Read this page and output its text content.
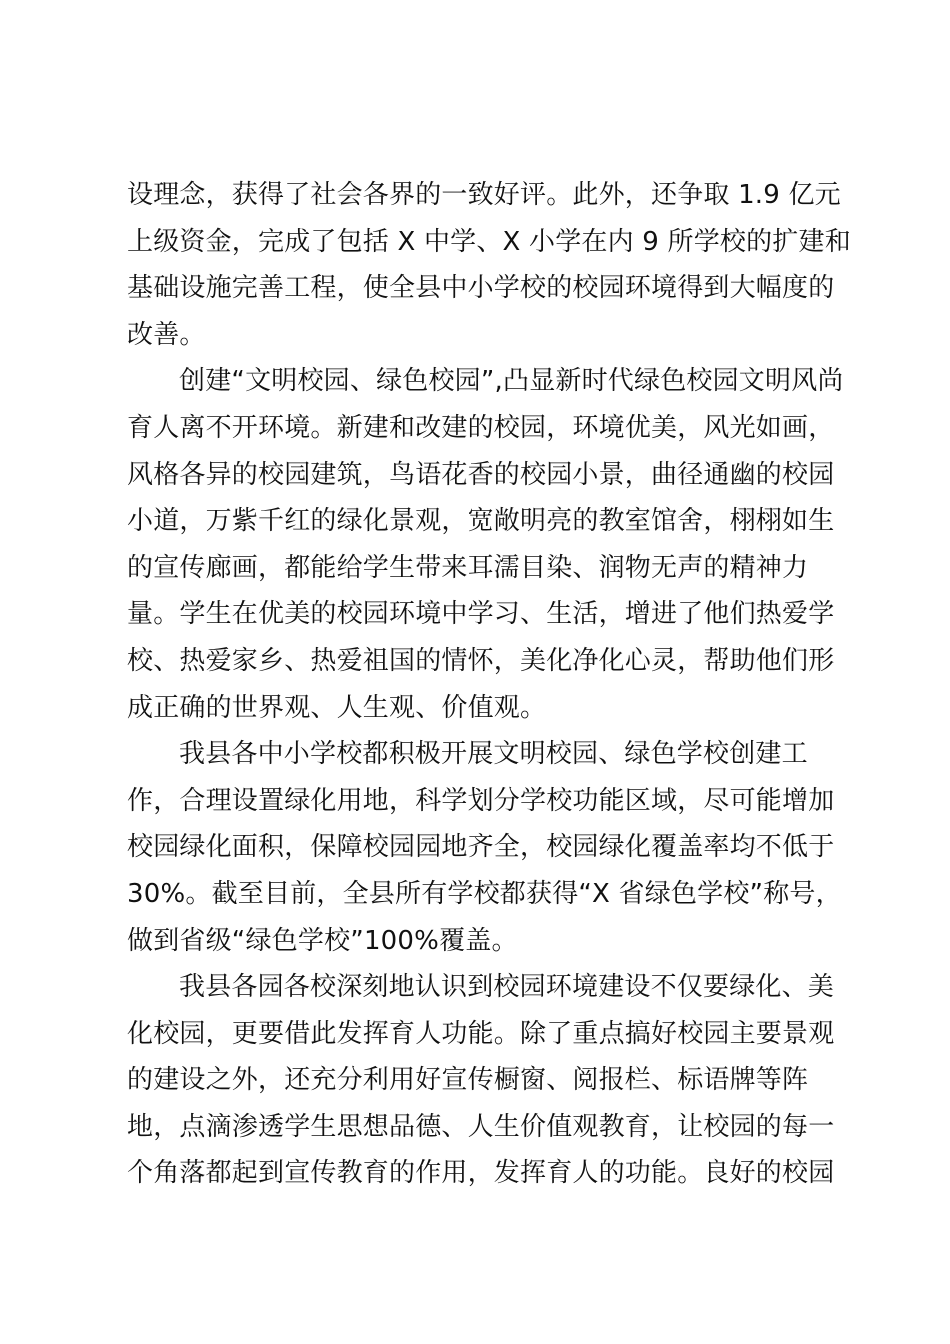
设理念，获得了社会各界的一致好评。此外，还争取 1.9 亿元
上级资金，完成了包括 X 中学、X 小学在内 9 所学校的扩建和
基础设施完善工程，使全县中小学校的校园环境得到大幅度的
改善。
创建“文明校园、绿色校园”,凸显新时代绿色校园文明风尚
育人离不开环境。新建和改建的校园，环境优美，风光如画，
风格各异的校园建筑，鸟语花香的校园小景，曲径通幽的校园
小道，万紫千红的绿化景观，宽敞明亮的教室馆舍，栩栩如生
的宣传廊画，都能给学生带来耳濡目染、润物无声的精神力
量。学生在优美的校园环境中学习、生活，增进了他们热爱学
校、热爱家乡、热爱祖国的情怀，美化净化心灵，帮助他们形
成正确的世界观、人生观、价值观。
我县各中小学校都积极开展文明校园、绿色学校创建工
作，合理设置绿化用地，科学划分学校功能区域，尽可能增加
校园绿化面积，保障校园园地齐全，校园绿化覆盖率均不低于
30%。截至目前，全县所有学校都获得“X 省绿色学校”称号，
做到省级“绿色学校”100%覆盖。
我县各园各校深刻地认识到校园环境建设不仅要绿化、美
化校园，更要借此发挥育人功能。除了重点搞好校园主要景观
的建设之外，还充分利用好宣传橱窗、阅报栏、标语牌等阵
地，点滴渗透学生思想品德、人生价值观教育，让校园的每一
个角落都起到宣传教育的作用，发挥育人的功能。良好的校园
